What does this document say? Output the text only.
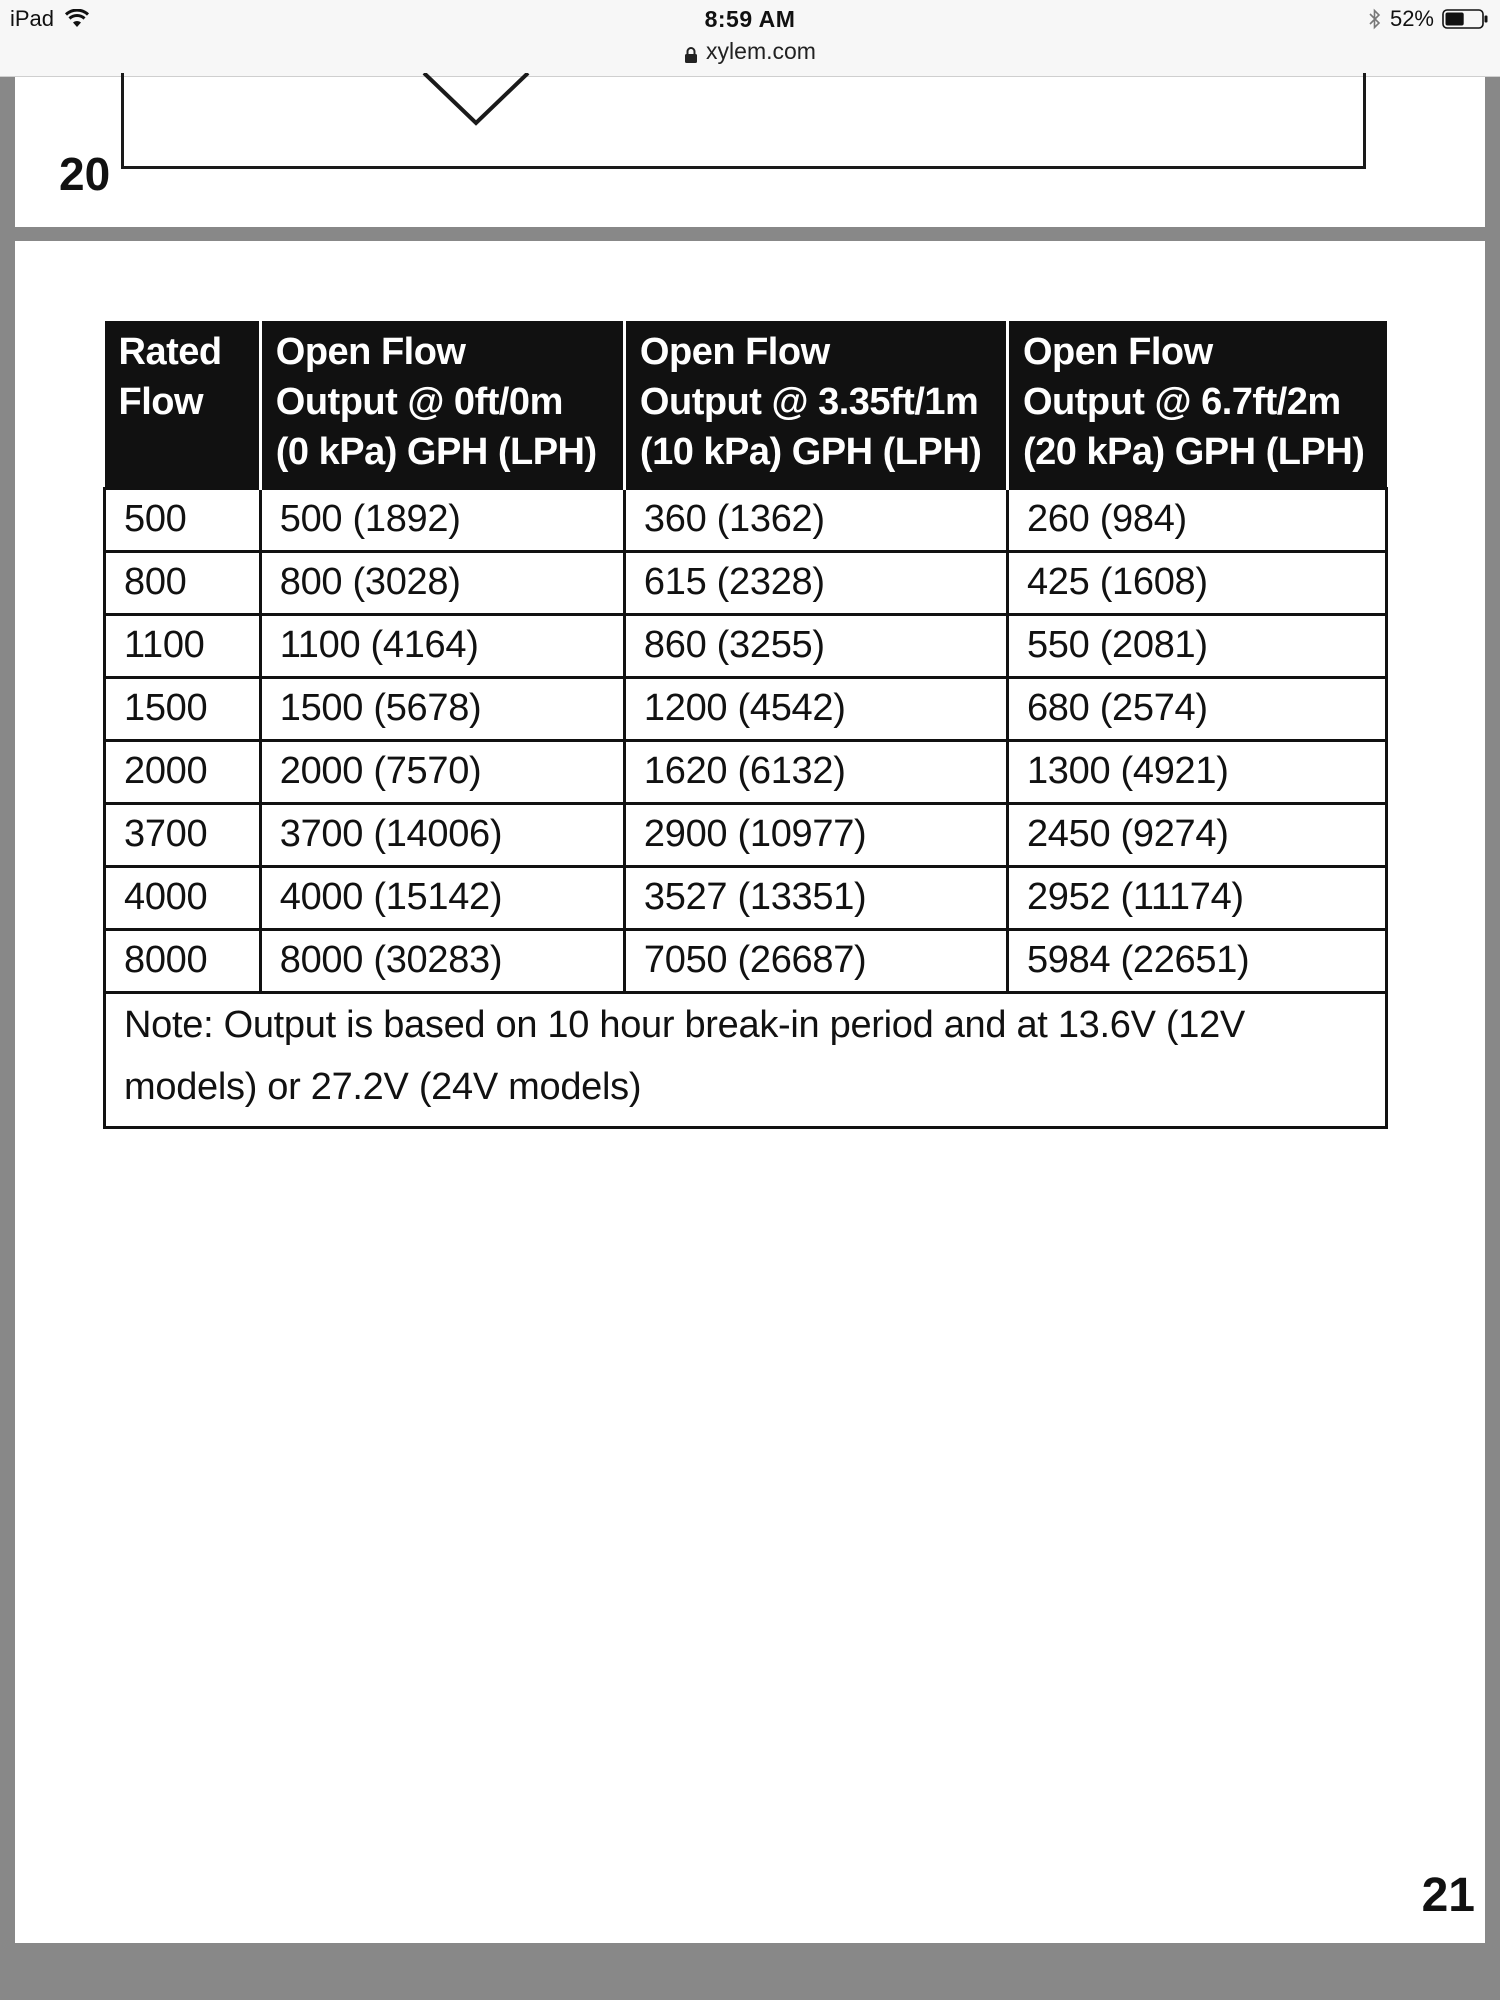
iPad	8:59 AM
xylem.com
52%
20
Rated
Flow	Open Flow
Output @ 0ft/0m
(0 kPa) GPH (LPH)	Open Flow
Output @ 3.35ft/1m
(10 kPa) GPH (LPH)	Open Flow
Output @ 6.7ft/2m
(20 kPa) GPH (LPH)
500	500 (1892)	360 (1362)	260 (984)
800	800 (3028)	615 (2328)	425 (1608)
1100	1100 (4164)	860 (3255)	550 (2081)
1500	1500 (5678)	1200 (4542)	680 (2574)
2000	2000 (7570)	1620 (6132)	1300 (4921)
3700	3700 (14006)	2900 (10977)	2450 (9274)
4000	4000 (15142)	3527 (13351)	2952 (11174)
8000	8000 (30283)	7050 (26687)	5984 (22651)
Note: Output is based on 10 hour break-in period and at 13.6V (12V models) or 27.2V (24V models)			
21
